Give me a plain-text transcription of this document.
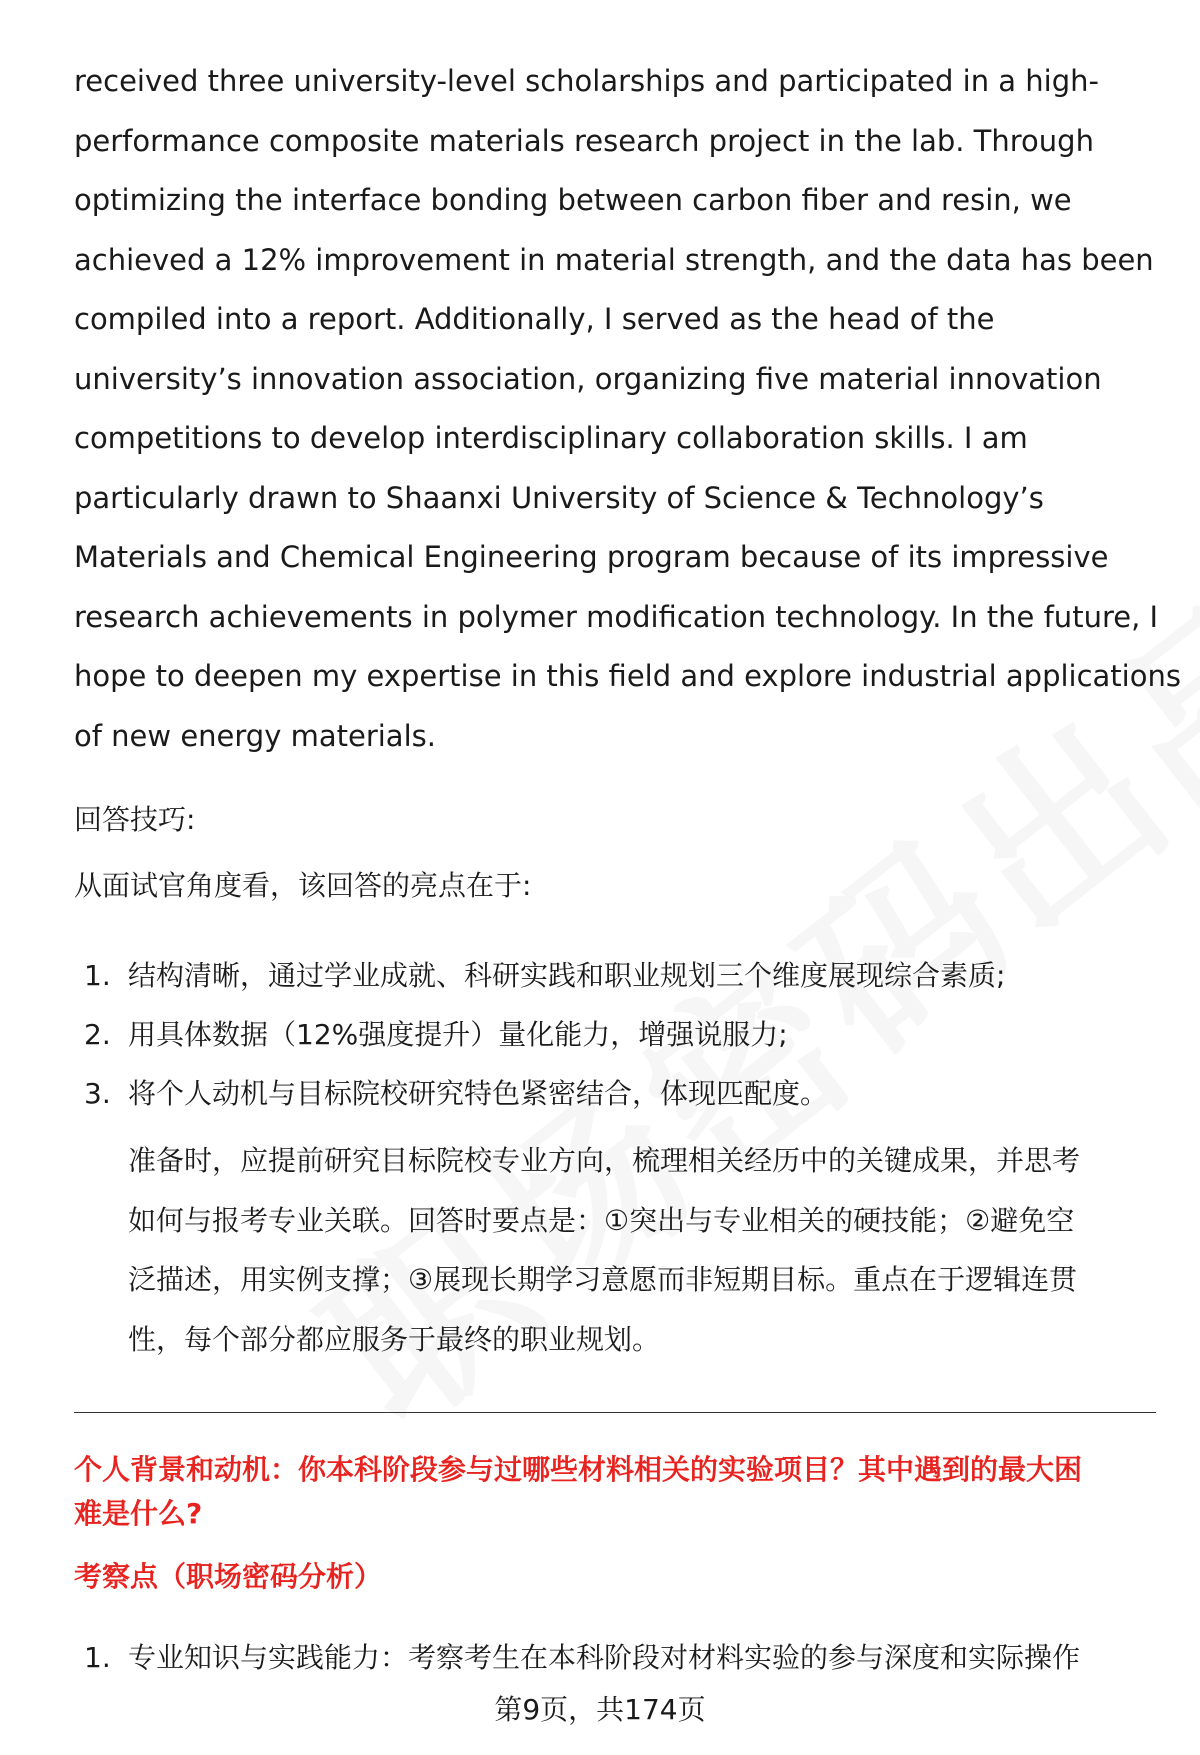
received three university-level scholarships and participated in a high-
performance composite materials research project in the lab. Through
optimizing the interface bonding between carbon fiber and resin, we
achieved a 12% improvement in material strength, and the data has been
compiled into a report. Additionally, I served as the head of the
university’s innovation association, organizing five material innovation
competitions to develop interdisciplinary collaboration skills. I am
particularly drawn to Shaanxi University of Science & Technology’s
Materials and Chemical Engineering program because of its impressive
research achievements in polymer modification technology. In the future, I
hope to deepen my expertise in this field and explore industrial applications
of new energy materials.

回答技巧:
从面试官角度看，该回答的亮点在于:
1. 结构清晰，通过学业成就、科研实践和职业规划三个维度展现综合素质;
2. 用具体数据（12%强度提升）量化能力，增强说服力;
3. 将个人动机与目标院校研究特色紧密结合，体现匹配度。
准备时，应提前研究目标院校专业方向，梳理相关经历中的关键成果，并思考
如何与报考专业关联。回答时要点是：①突出与专业相关的硬技能；②避免空
泛描述，用实例支撑；③展现长期学习意愿而非短期目标。重点在于逻辑连贯
性，每个部分都应服务于最终的职业规划。
个人背景和动机：你本科阶段参与过哪些材料相关的实验项目？其中遇到的最大困
难是什么?
考察点（职场密码分析）
1. 专业知识与实践能力：考察考生在本科阶段对材料实验的参与深度和实际操作
第9页，共174页
